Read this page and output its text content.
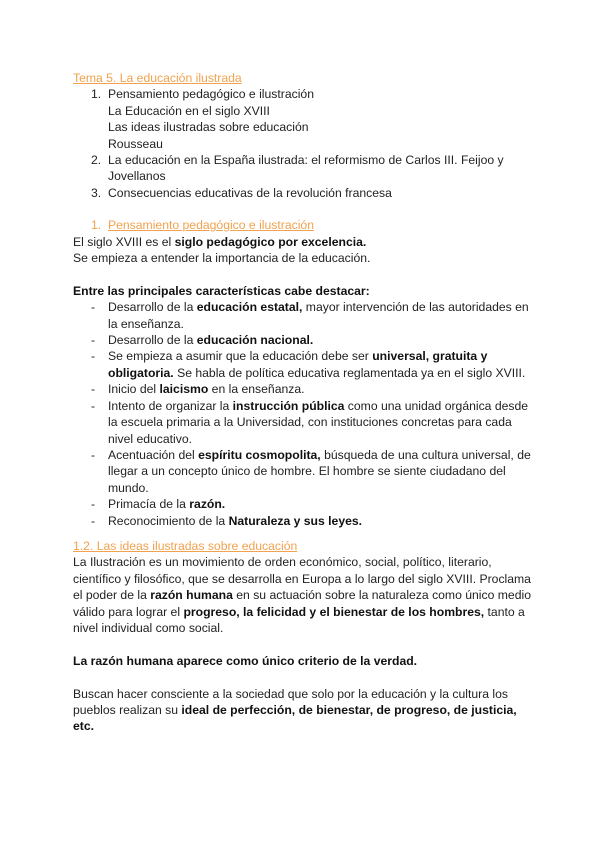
Tema 5. La educación ilustrada

1. Pensamiento pedagógico e ilustración
La Educación en el siglo XVIII
Las ideas ilustradas sobre educación
Rousseau
2. La educación en la España ilustrada: el reformismo de Carlos III. Feijoo y Jovellanos
3. Consecuencias educativas de la revolución francesa
1. Pensamiento pedagógico e ilustración

El siglo XVIII es el siglo pedagógico por excelencia.

Se empieza a entender la importancia de la educación.

Entre las principales características cabe destacar:

- Desarrollo de la educación estatal, mayor intervención de las autoridades en la enseñanza.
- Desarrollo de la educación nacional.
- Se empieza a asumir que la educación debe ser universal, gratuita y obligatoria. Se habla de política educativa reglamentada ya en el siglo XVIII.
- Inicio del laicismo en la enseñanza.
- Intento de organizar la instrucción pública como una unidad orgánica desde la escuela primaria a la Universidad, con instituciones concretas para cada nivel educativo.
- Acentuación del espíritu cosmopolita, búsqueda de una cultura universal, de llegar a un concepto único de hombre. El hombre se siente ciudadano del mundo.
- Primacía de la razón.
- Reconocimiento de la Naturaleza y sus leyes.

1.2. Las ideas ilustradas sobre educación

La Ilustración es un movimiento de orden económico, social, político, literario, científico y filosófico, que se desarrolla en Europa a lo largo del siglo XVIII. Proclama el poder de la razón humana en su actuación sobre la naturaleza como único medio válido para lograr el progreso, la felicidad y el bienestar de los hombres, tanto a nivel individual como social.

La razón humana aparece como único criterio de la verdad.

Buscan hacer consciente a la sociedad que solo por la educación y la cultura los pueblos realizan su ideal de perfección, de bienestar, de progreso, de justicia, etc.
